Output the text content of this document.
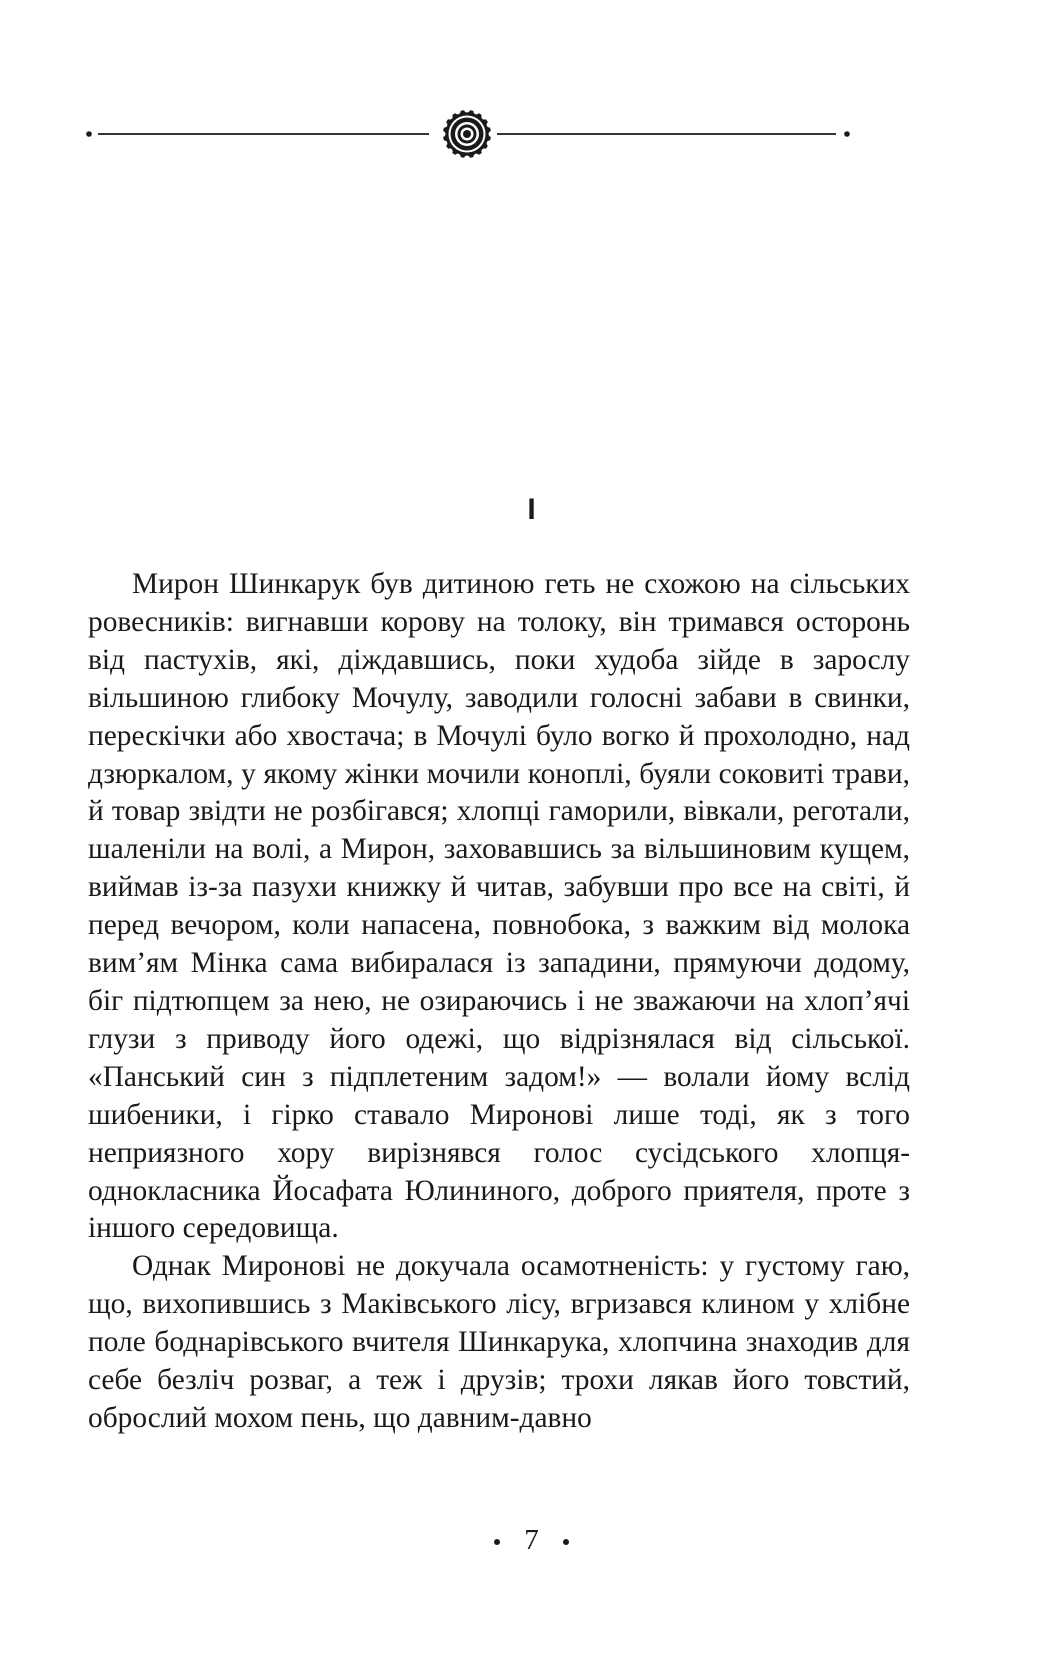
I

Мирон Шинкарук був дитиною геть не схожою на сільських ровесників: вигнавши корову на толоку, він тримався осторонь від пастухів, які, діждавшись, поки худоба зійде в зарослу вільшиною глибоку Мочулу, заводили голосні забави в свинки, перескічки або хвостача; в Мочулі було вогко й прохолодно, над дзюркалом, у якому жінки мочили коноплі, буяли соковиті трави, й товар звідти не розбігався; хлопці гаморили, вівкали, реготали, шаленіли на волі, а Мирон, заховавшись за вільшиновим кущем, виймав із-за пазухи книжку й читав, забувши про все на світі, й перед вечором, коли напасена, повнобока, з важким від молока вим’ям Мінка сама вибиралася із западини, прямуючи додому, біг підтюпцем за нею, не озираючись і не зважаючи на хлоп’ячі глузи з приводу його одежі, що відрізнялася від сільської. «Панський син з підплетеним задом!» — волали йому вслід шибеники, і гірко ставало Миронові лише тоді, як з того неприязного хору вирізнявся голос сусідського хлопця-однокласника Йосафата Юлининого, доброго приятеля, проте з іншого середовища.

Однак Миронові не докучала осамотненість: у густому гаю, що, вихопившись з Маківського лісу, вгризався клином у хлібне поле боднарівського вчителя Шинкарука, хлопчина знаходив для себе безліч розваг, а теж і друзів; трохи лякав його товстий, оброслий мохом пень, що давним-давно

7
